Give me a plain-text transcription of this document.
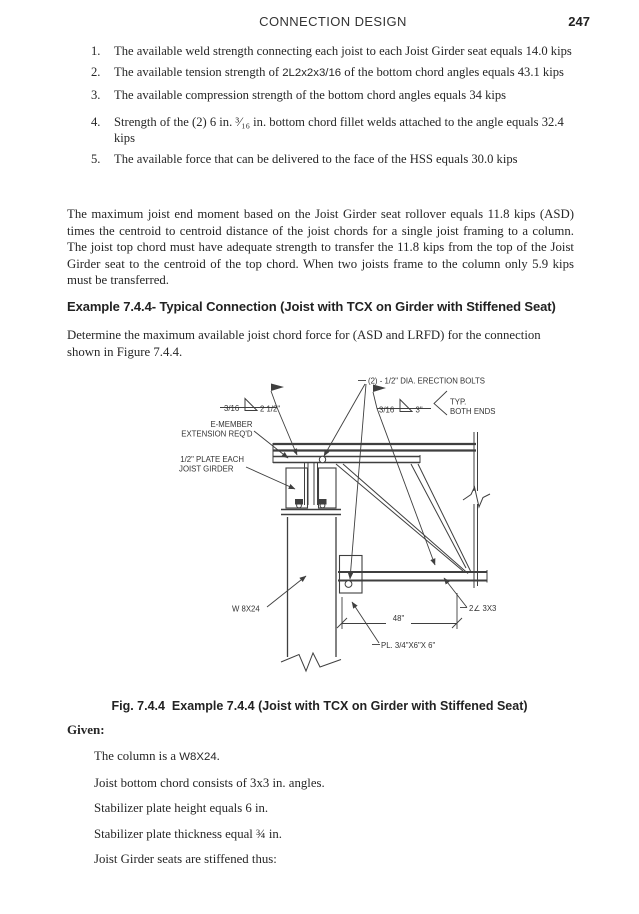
CONNECTION DESIGN	247
1.	The available weld strength connecting each joist to each Joist Girder seat equals 14.0 kips
2.	The available tension strength of 2L2x2x3/16 of the bottom chord angles equals 43.1 kips
3.	The available compression strength of the bottom chord angles equals 34 kips
4.	Strength of the (2) 6 in. ³⁄₁₆ in. bottom chord fillet welds attached to the angle equals 32.4 kips
5.	The available force that can be delivered to the face of the HSS equals 30.0 kips
The maximum joist end moment based on the Joist Girder seat rollover equals 11.8 kips (ASD) times the centroid to centroid distance of the joist chords for a single joist framing to a column. The joist top chord must have adequate strength to transfer the 11.8 kips from the top of the Joist Girder seat to the centroid of the top chord. When two joists frame to the column only 5.9 kips must be transferred.
Example 7.4.4- Typical Connection (Joist with TCX on Girder with Stiffened Seat)
Determine the maximum available joist chord force for (ASD and LRFD) for the connection shown in Figure 7.4.4.
48"
3/16	2 1/2"	3/16	3"
TYP.
BOTH ENDS
(2) - 1/2" DIA. ERECTION BOLTS
E-MEMBER
EXTENSION REQ'D
1/2" PLATE EACH
JOIST GIRDER
W 8X24
PL. 3/4"X6"X 6"
2∠ 3X3
Fig. 7.4.4  Example 7.4.4 (Joist with TCX on Girder with Stiffened Seat)
Given:
The column is a W8X24.
Joist bottom chord consists of 3x3 in. angles.
Stabilizer plate height equals 6 in.
Stabilizer plate thickness equal ¾ in.
Joist Girder seats are stiffened thus:
